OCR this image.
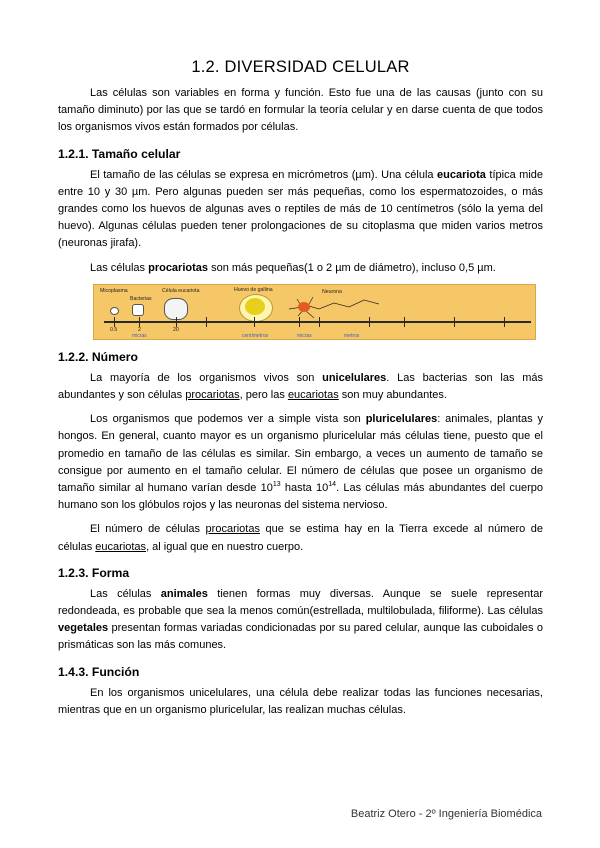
1.2. DIVERSIDAD CELULAR

Las células son variables en forma y función. Esto fue una de las causas (junto con su tamaño diminuto) por las que se tardó en formular la teoría celular y en darse cuenta de que todos los organismos vivos están formados por células.

1.2.1. Tamaño celular

El tamaño de las células se expresa en micrómetros (µm). Una célula eucariota típica mide entre 10 y 30 µm. Pero algunas pueden ser más pequeñas, como los espermatozoides, o más grandes como los huevos de algunas aves o reptiles de más de 10 centímetros (sólo la yema del huevo). Algunas células pueden tener prolongaciones de su citoplasma que miden varios metros (neuronas jirafa).

Las células procariotas son más pequeñas(1 o 2 µm de diámetro), incluso 0,5 µm.

Micoplasma
Bacterias
Célula eucariota	Huevo de gallina	Neurona
0.5	2	20
micras	centímetros	micras	metros
1.2.2. Número

La mayoría de los organismos vivos son unicelulares. Las bacterias son las más abundantes y son células procariotas, pero las eucariotas son muy abundantes.

Los organismos que podemos ver a simple vista son pluricelulares: animales, plantas y hongos. En general, cuanto mayor es un organismo pluricelular más células tiene, puesto que el promedio en tamaño de las células es similar. Sin embargo, a veces un aumento de tamaño se consigue por aumento en el tamaño celular. El número de células que posee un organismo de tamaño similar al humano varían desde $10^{13}$ hasta $10^{14}$. Las células más abundantes del cuerpo humano son los glóbulos rojos y las neuronas del sistema nervioso.

El número de células procariotas que se estima hay en la Tierra excede al número de células eucariotas, al igual que en nuestro cuerpo.

1.2.3. Forma

Las células animales tienen formas muy diversas. Aunque se suele representar redondeada, es probable que sea la menos común(estrellada, multilobulada, filiforme). Las células vegetales presentan formas variadas condicionadas por su pared celular, aunque las cuboidales o prismáticas son las más comunes.

1.4.3. Función

En los organismos unicelulares, una célula debe realizar todas las funciones necesarias, mientras que en un organismo pluricelular, las realizan muchas células.

Beatriz Otero - 2º Ingeniería Biomédica
